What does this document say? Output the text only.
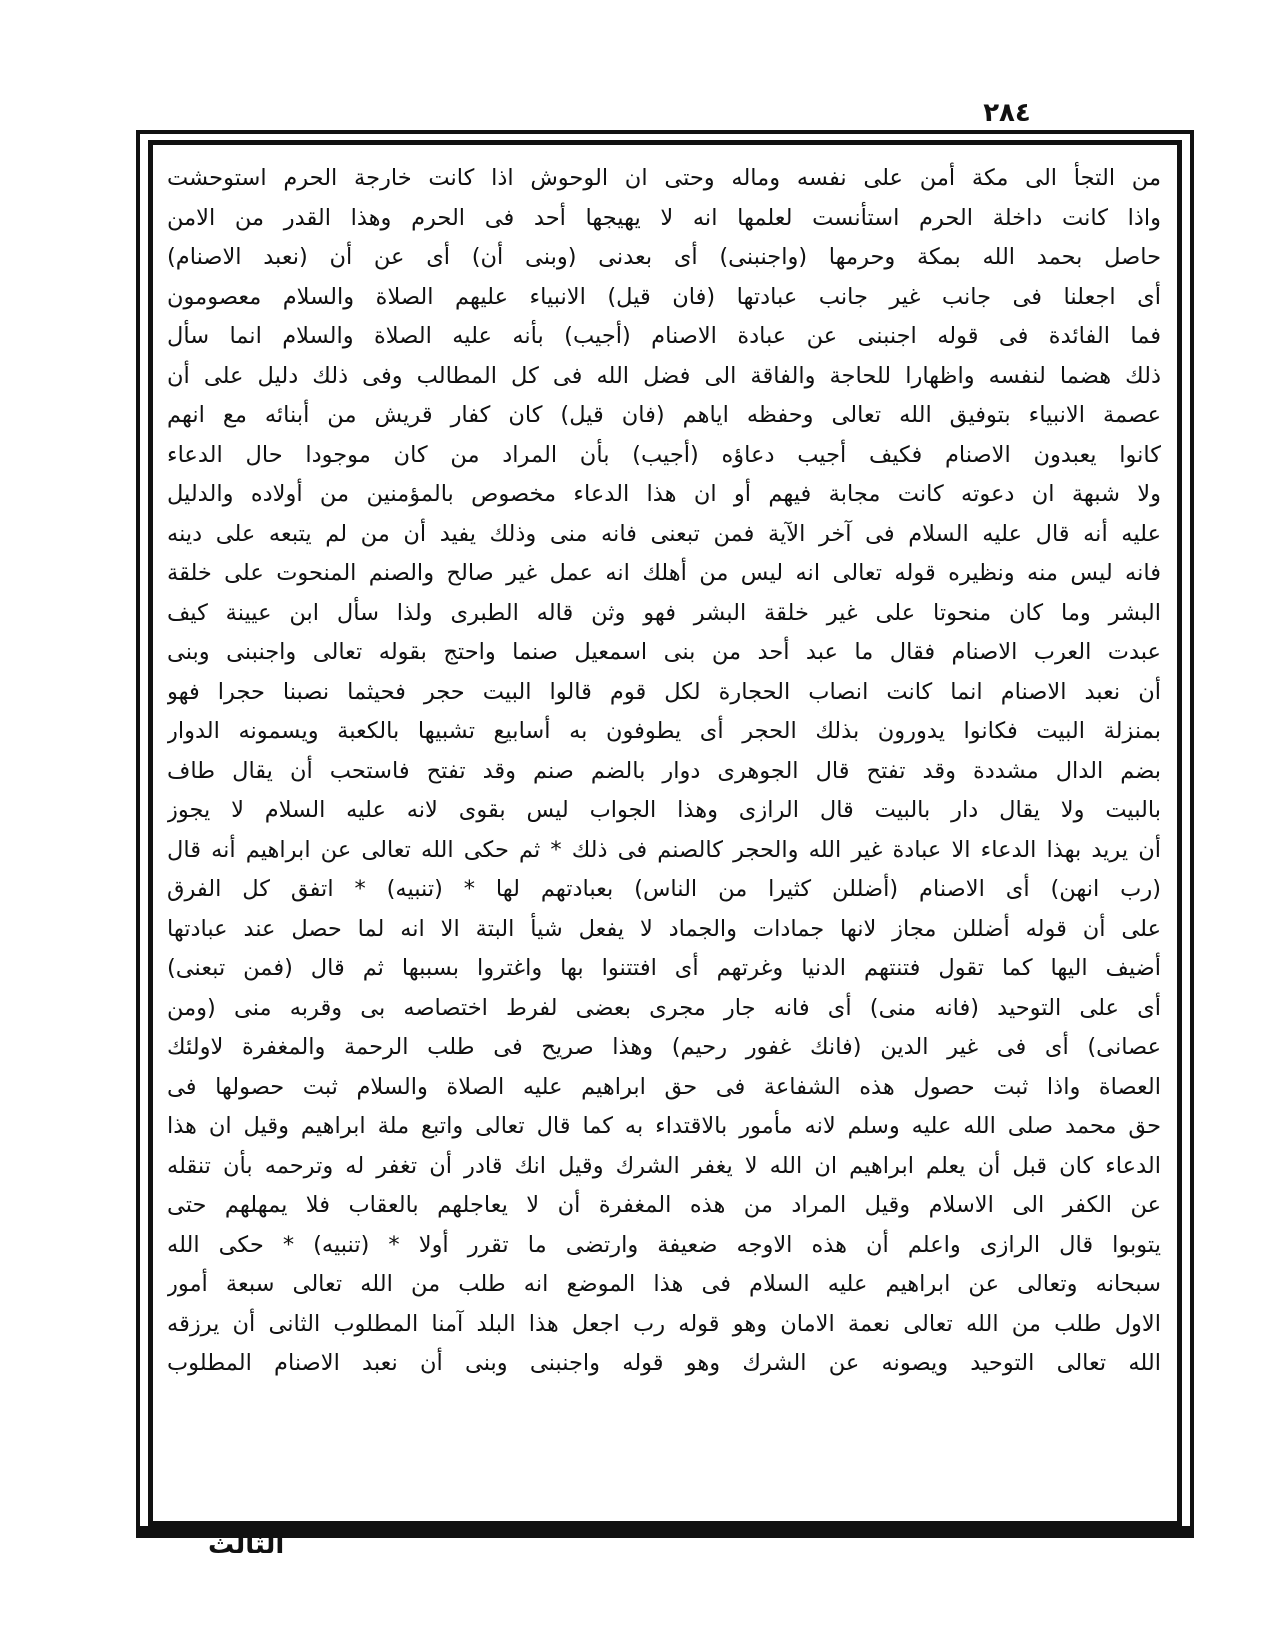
٢٨٤
من التجأ الى مكة أمن على نفسه وماله وحتى ان الوحوش اذا كانت خارجة الحرم استوحشت
واذا كانت داخلة الحرم استأنست لعلمها انه لا يهيجها أحد فى الحرم وهذا القدر من الامن
حاصل بحمد الله بمكة وحرمها (واجنبنى) أى بعدنى (وبنى أن) أى عن أن (نعبد الاصنام)
أى اجعلنا فى جانب غير جانب عبادتها (فان قيل) الانبياء عليهم الصلاة والسلام معصومون
فما الفائدة فى قوله اجنبنى عن عبادة الاصنام (أجيب) بأنه عليه الصلاة والسلام انما سأل
ذلك هضما لنفسه واظهارا للحاجة والفاقة الى فضل الله فى كل المطالب وفى ذلك دليل على أن
عصمة الانبياء بتوفيق الله تعالى وحفظه اياهم (فان قيل) كان كفار قريش من أبنائه مع انهم
كانوا يعبدون الاصنام فكيف أجيب دعاؤه (أجيب) بأن المراد من كان موجودا حال الدعاء
ولا شبهة ان دعوته كانت مجابة فيهم أو ان هذا الدعاء مخصوص بالمؤمنين من أولاده والدليل
عليه أنه قال عليه السلام فى آخر الآية فمن تبعنى فانه منى وذلك يفيد أن من لم يتبعه على دينه
فانه ليس منه ونظيره قوله تعالى انه ليس من أهلك انه عمل غير صالح والصنم المنحوت على خلقة
البشر وما كان منحوتا على غير خلقة البشر فهو وثن قاله الطبرى ولذا سأل ابن عيينة كيف
عبدت العرب الاصنام فقال ما عبد أحد من بنى اسمعيل صنما واحتج بقوله تعالى واجنبنى وبنى
أن نعبد الاصنام انما كانت انصاب الحجارة لكل قوم قالوا البيت حجر فحيثما نصبنا حجرا فهو
بمنزلة البيت فكانوا يدورون بذلك الحجر أى يطوفون به أسابيع تشبيها بالكعبة ويسمونه الدوار
بضم الدال مشددة وقد تفتح قال الجوهرى دوار بالضم صنم وقد تفتح فاستحب أن يقال طاف
بالبيت ولا يقال دار بالبيت قال الرازى وهذا الجواب ليس بقوى لانه عليه السلام لا يجوز
أن يريد بهذا الدعاء الا عبادة غير الله والحجر كالصنم فى ذلك * ثم حكى الله تعالى عن ابراهيم أنه قال
(رب انهن) أى الاصنام (أضللن كثيرا من الناس) بعبادتهم لها * (تنبيه) * اتفق كل الفرق
على أن قوله أضللن مجاز لانها جمادات والجماد لا يفعل شيأ البتة الا انه لما حصل عند عبادتها
أضيف اليها كما تقول فتنتهم الدنيا وغرتهم أى افتتنوا بها واغتروا بسببها ثم قال (فمن تبعنى)
أى على التوحيد (فانه منى) أى فانه جار مجرى بعضى لفرط اختصاصه بى وقربه منى (ومن
عصانى) أى فى غير الدين (فانك غفور رحيم) وهذا صريح فى طلب الرحمة والمغفرة لاولئك
العصاة واذا ثبت حصول هذه الشفاعة فى حق ابراهيم عليه الصلاة والسلام ثبت حصولها فى
حق محمد صلى الله عليه وسلم لانه مأمور بالاقتداء به كما قال تعالى واتبع ملة ابراهيم وقيل ان هذا
الدعاء كان قبل أن يعلم ابراهيم ان الله لا يغفر الشرك وقيل انك قادر أن تغفر له وترحمه بأن تنقله
عن الكفر الى الاسلام وقيل المراد من هذه المغفرة أن لا يعاجلهم بالعقاب فلا يمهلهم حتى
يتوبوا قال الرازى واعلم أن هذه الاوجه ضعيفة وارتضى ما تقرر أولا * (تنبيه) * حكى الله
سبحانه وتعالى عن ابراهيم عليه السلام فى هذا الموضع انه طلب من الله تعالى سبعة أمور
الاول طلب من الله تعالى نعمة الامان وهو قوله رب اجعل هذا البلد آمنا المطلوب الثانى أن يرزقه
الله تعالى التوحيد ويصونه عن الشرك وهو قوله واجنبنى وبنى أن نعبد الاصنام المطلوب
الثالث
